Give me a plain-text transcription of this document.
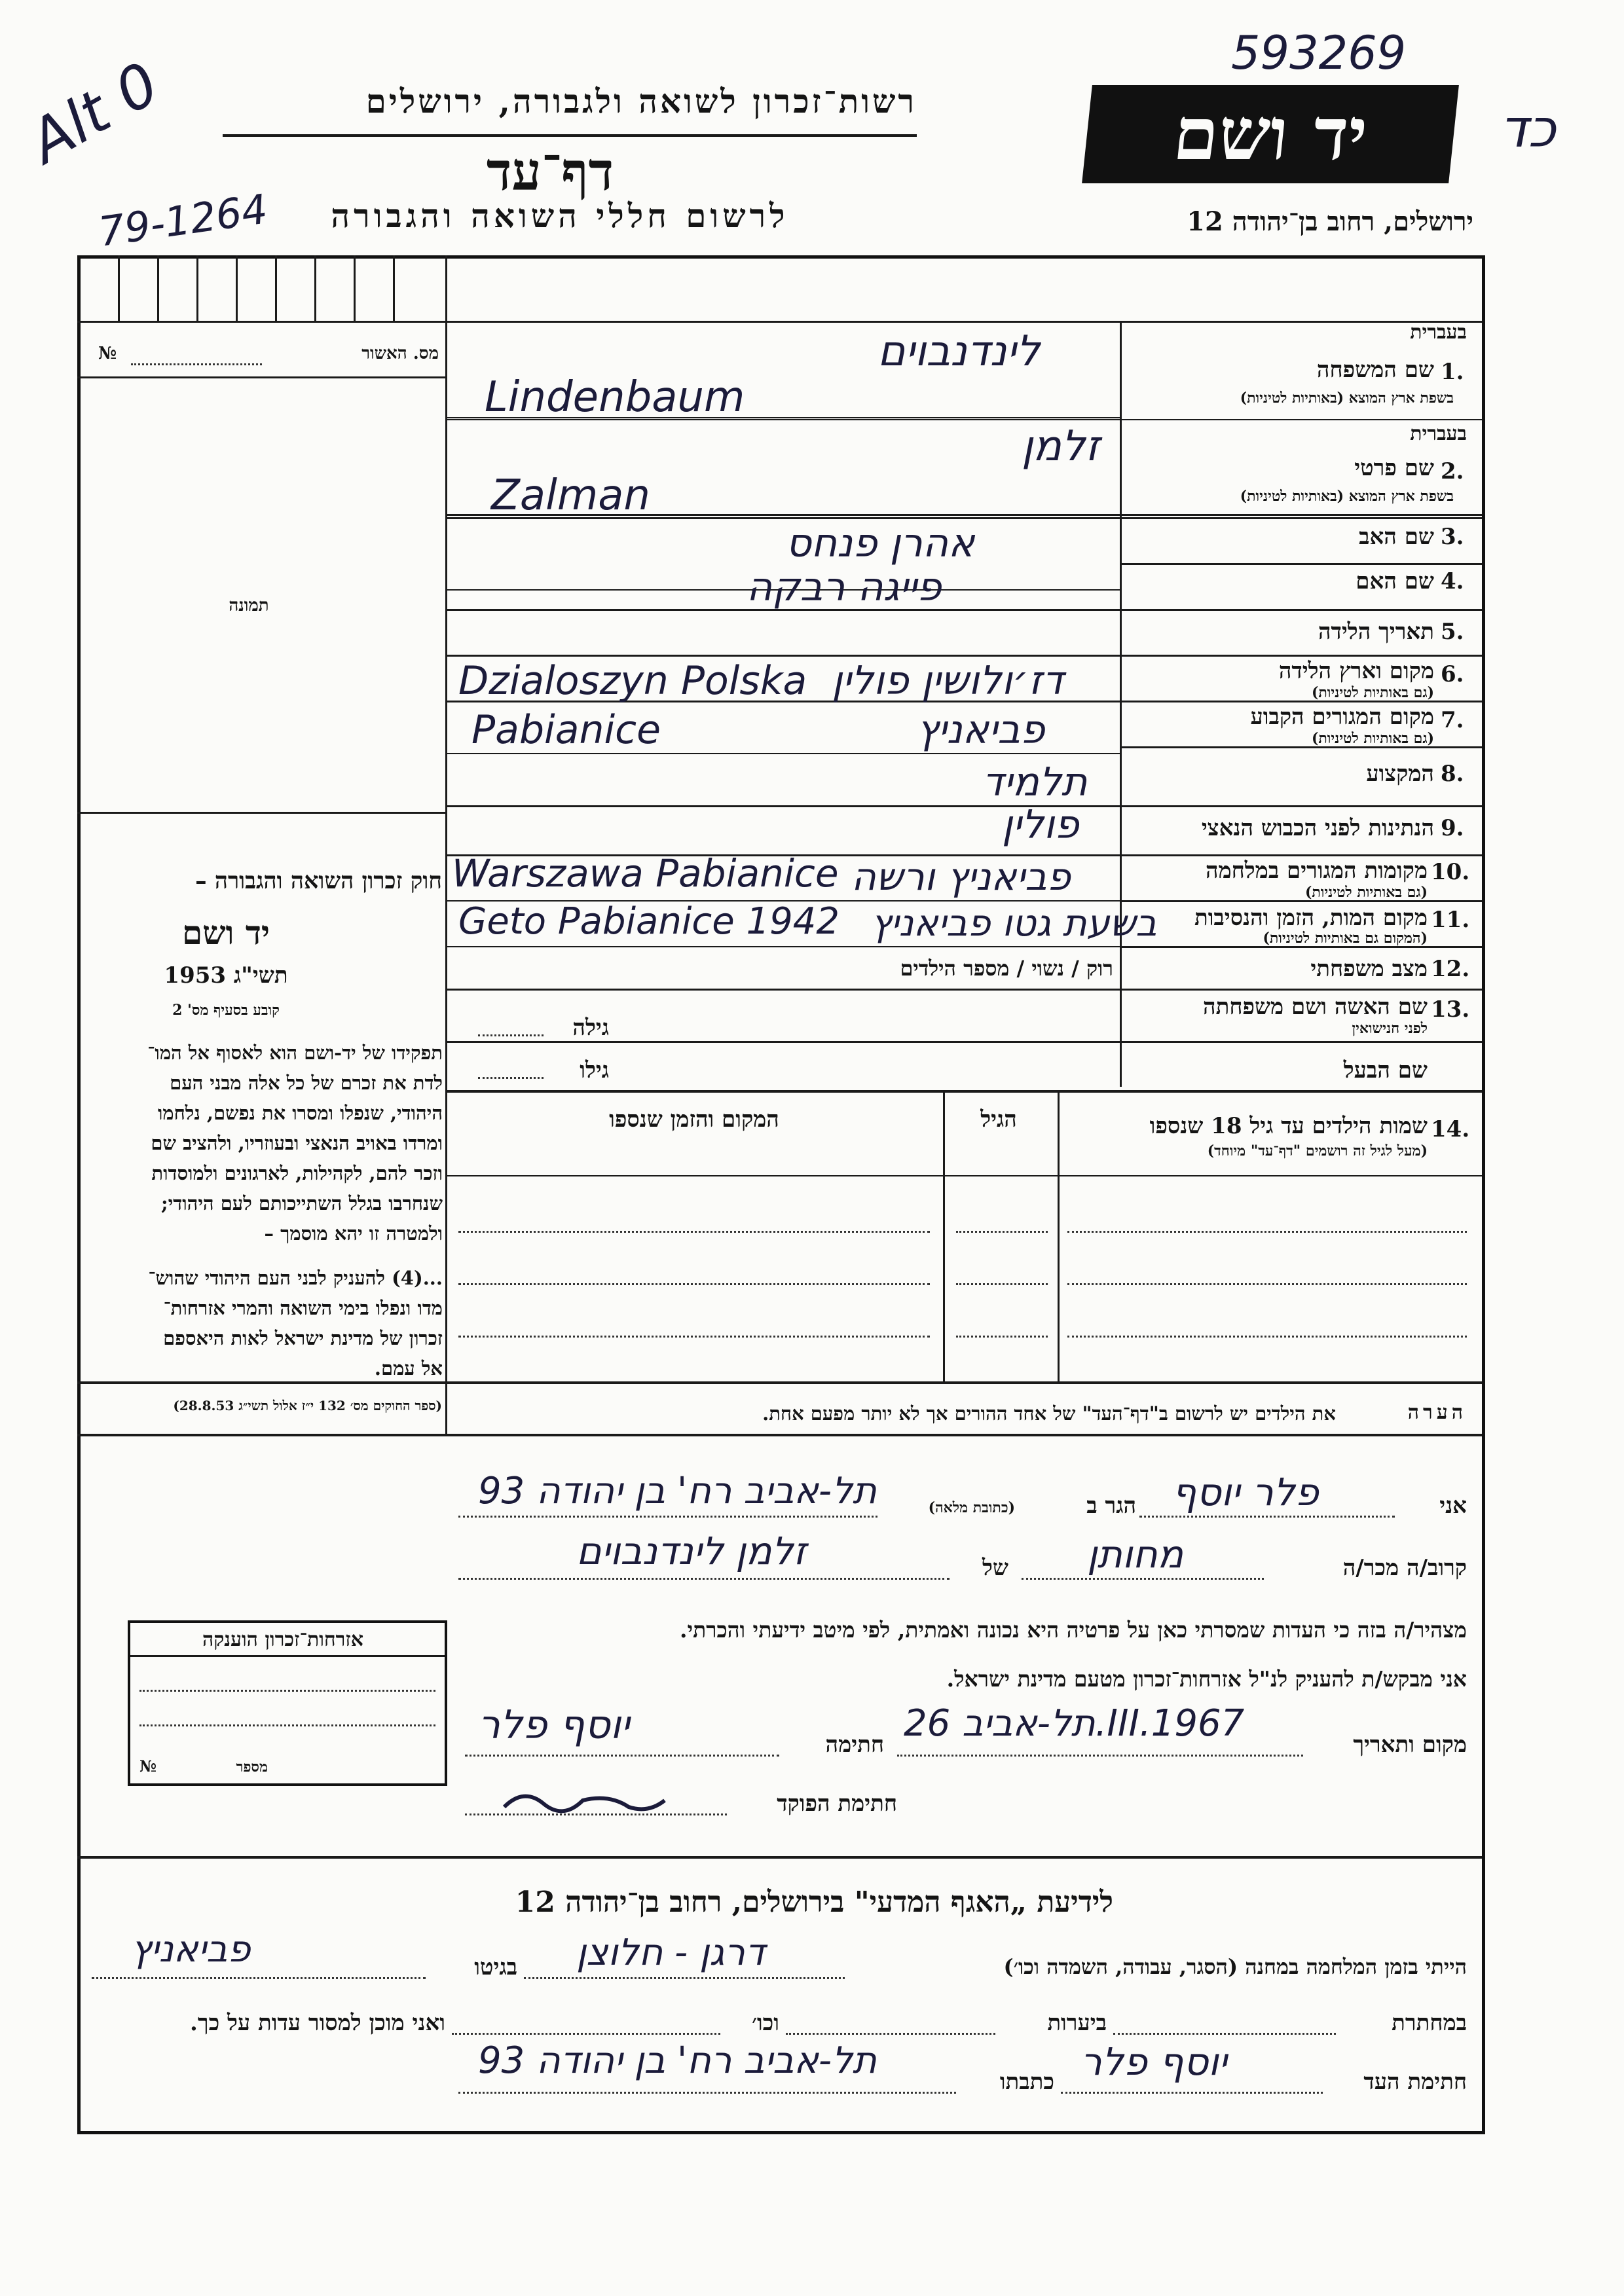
593269
כד
Alt 0
79-1264
רשות־זכרון לשואה ולגבורה, ירושלים
דף־עד
לרשום חללי השואה והגבורה
יד ושם
ירושלים, רחוב בן־יהודה 12
מס. האשור
№
תמונה
חוק זכרון השואה והגבורה –
יד ושם
תשי"ג 1953
קובע בסעיף מס' 2
תפקידו של יד-ושם הוא לאסוף אל המו־
לדת את זכרם של כל אלה מבני העם
היהודי, שנפלו ומסרו את נפשם, נלחמו
ומרדו באויב הנאצי ובעוזריו, ולהציב שם
וזכר להם, לקהילות, לארגונים ולמוסדות
שנחרבו בגלל השתייכותם לעם היהודי;
ולמטרה זו יהא מוסמך –
...(4) להעניק לבני העם היהודי שהוש־
מדו ונפלו בימי השואה והמרי אזרחות־
זכרון של מדינת ישראל לאות היאספם
אל עמם.
(ספר החוקים מס׳ 132 י״ז אלול תשי״ג 28.8.53)
אזרחות־זכרון הוענקה
מספר
№
1.
בעברית
שם המשפחה
בשפת ארץ המוצא (באותיות לטיניות)
לינדנבוים
Lindenbaum
2.
בעברית
שם פרטי
בשפת ארץ המוצא (באותיות לטיניות)
זלמן
Zalman
3.
שם האב
אהרן פנחס
4.
שם האם
פייגה רבקה
5.
תאריך הלידה
6.
מקום וארץ הלידה
(גם באותיות לטיניות)
Dzialoszyn Polska דז׳ולושין פולין
7.
מקום המגורים הקבוע
(גם באותיות לטיניות)
Pabianice	פביאניץ
8.
המקצוע
תלמיד
9.
הנתינות לפני הכבוש הנאצי
פולין
10.
מקומות המגורים במלחמה
(גם באותיות לטיניות)
Warszawa Pabianice פביאניץ ורשה
11.
מקום המות, הזמן והנסיבות
(המקום גם באותיות לטיניות)
Geto Pabianice 1942 בשעת גטו פביאניץ
12.
מצב משפחתי
רוק / נשוי / מספר הילדים
13.
שם האשה ושם משפחתה
לפני חנישואין
גילה
שם הבעל
גילו
14.
שמות הילדים עד גיל 18 שנספו
(מעל לגיל זה רושמים "דף־עד" מיוחד)
הגיל
המקום והזמן שנספו
הערה
את הילדים יש לרשום ב"דף־העד" של אחד ההורים אך לא יותר מפעם אחת.
אני
פלר יוסף
הגר ב
(כתובת מלאה)
תל-אביב רח' בן יהודה 93
קרוב/ה מכר/ה
מחותן
של
זלמן לינדנבוים
מצהיר/ה בזה כי העדות שמסרתי כאן על פרטיה היא נכונה ואמתית, לפי מיטב ידיעתי והכרתי.
אני מבקש/ת להעניק לנ"ל אזרחות־זכרון מטעם מדינת ישראל.
מקום ותאריך
תל-אביב 26.III.1967
חתימה
יוסף פלר
חתימת הפוקד
לידיעת „האגף המדעי" בירושלים, רחוב בן־יהודה 12
הייתי בזמן המלחמה במחנה (הסגר, עבודה, השמדה וכו׳)
דרגן - חלוצן
בגיטו
פביאניץ
במחתרת
ביערות
וכו׳
ואני מוכן למסור עדות על כך.
חתימת העד
יוסף פלר
כתבתו
תל-אביב רח' בן יהודה 93
